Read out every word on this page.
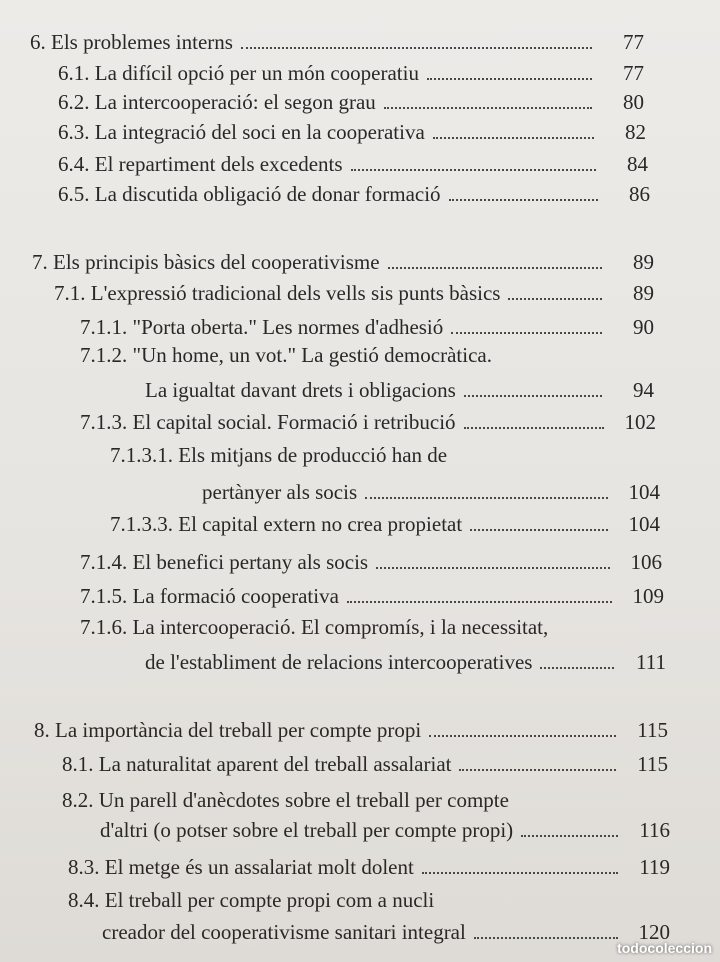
6. Els problemes interns	77
6.1. La difícil opció per un món cooperatiu	77
6.2. La intercooperació: el segon grau	80
6.3. La integració del soci en la cooperativa	82
6.4. El repartiment dels excedents	84
6.5. La discutida obligació de donar formació	86
7. Els principis bàsics del cooperativisme	89
7.1. L'expressió tradicional dels vells sis punts bàsics	89
7.1.1. "Porta oberta." Les normes d'adhesió	90
7.1.2. "Un home, un vot." La gestió democràtica.
La igualtat davant drets i obligacions	94
7.1.3. El capital social. Formació i retribució	102
7.1.3.1. Els mitjans de producció han de
pertànyer als socis	104
7.1.3.3. El capital extern no crea propietat	104
7.1.4. El benefici pertany als socis	106
7.1.5. La formació cooperativa	109
7.1.6. La intercooperació. El compromís, i la necessitat,
de l'establiment de relacions intercooperatives	111
8. La importància del treball per compte propi	115
8.1. La naturalitat aparent del treball assalariat	115
8.2. Un parell d'anècdotes sobre el treball per compte
d'altri (o potser sobre el treball per compte propi)	116
8.3. El metge és un assalariat molt dolent	119
8.4. El treball per compte propi com a nucli
creador del cooperativisme sanitari integral	120
todocoleccion
